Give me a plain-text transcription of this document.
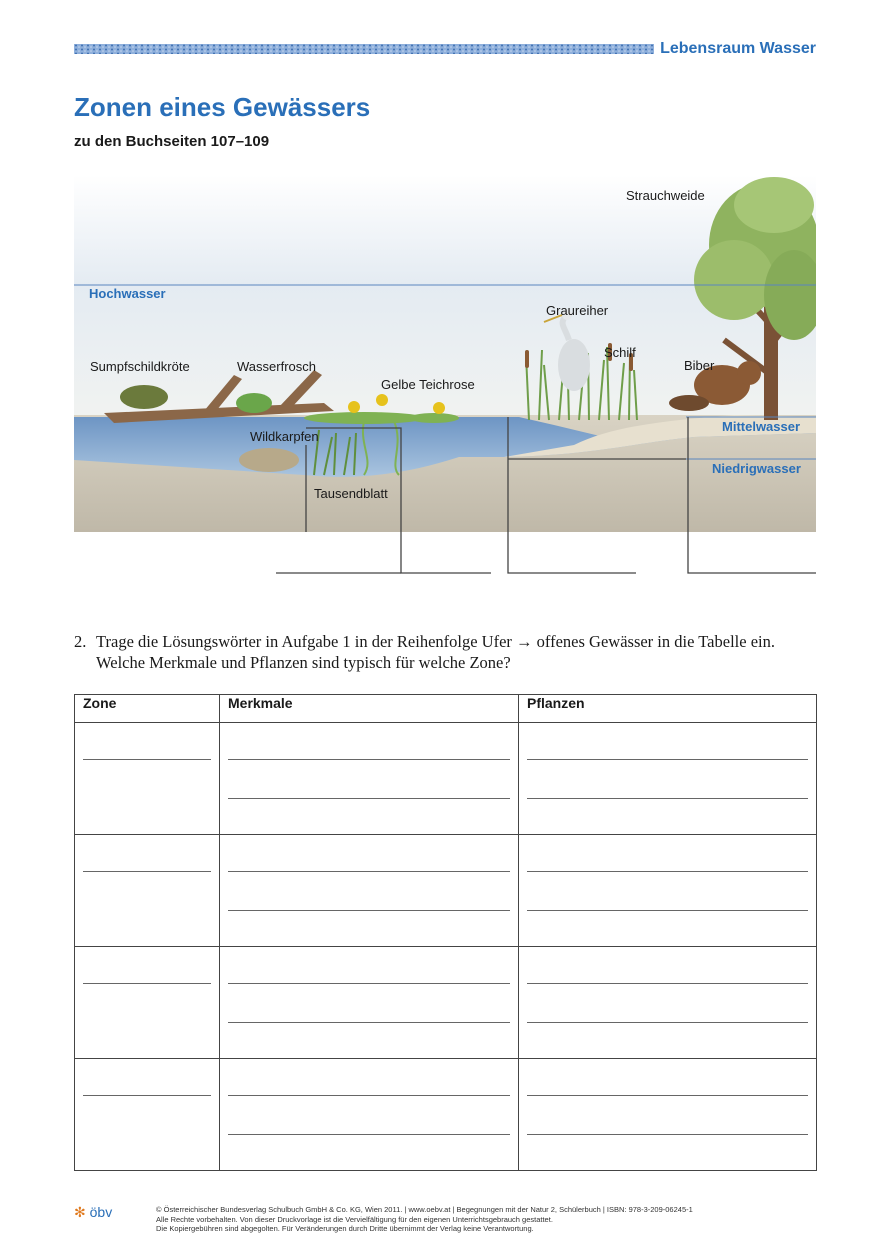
Lebensraum Wasser
Zonen eines Gewässers
zu den Buchseiten 107–109
Strauchweide
Graureiher
Schilf
Biber
Sumpfschildkröte	Wasserfrosch
Gelbe Teichrose
Wildkarpfen
Tausendblatt
Hochwasser
Mittelwasser
Niedrigwasser
2. Trage die Lösungswörter in Aufgabe 1 in der Reihenfolge Ufer → offenes Gewässer in die Tabelle ein.
Welche Merkmale und Pflanzen sind typisch für welche Zone?
Zone	Merkmale	Pflanzen

✻ öbv	© Österreichischer Bundesverlag Schulbuch GmbH & Co. KG, Wien 2011. | www.oebv.at | Begegnungen mit der Natur 2, Schülerbuch | ISBN: 978-3-209-06245-1
Alle Rechte vorbehalten. Von dieser Druckvorlage ist die Vervielfältigung für den eigenen Unterrichtsgebrauch gestattet.
Die Kopiergebühren sind abgegolten. Für Veränderungen durch Dritte übernimmt der Verlag keine Verantwortung.
